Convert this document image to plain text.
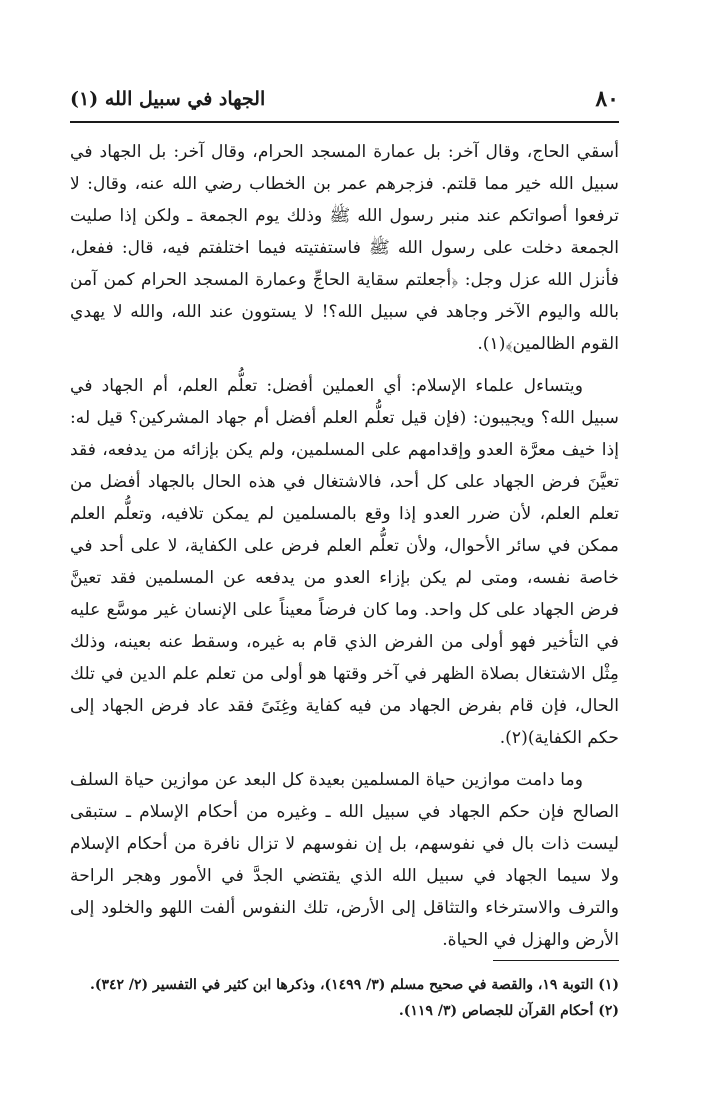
٨٠
الجهاد في سبيل الله (١)

أسقي الحاج، وقال آخر: بل عمارة المسجد الحرام، وقال آخر: بل الجهاد في سبيل الله خير مما قلتم. فزجرهم عمر بن الخطاب رضي الله عنه، وقال: لا ترفعوا أصواتكم عند منبر رسول الله ﷺ وذلك يوم الجمعة ـ ولكن إذا صليت الجمعة دخلت على رسول الله ﷺ فاستفتيته فيما اختلفتم فيه، قال: ففعل، فأنزل الله عزل وجل: ﴿أجعلتم سقاية الحاجِّ وعمارة المسجد الحرام كمن آمن بالله واليوم الآخر وجاهد في سبيل الله؟! لا يستوون عند الله، والله لا يهدي القوم الظالمين﴾(١).

ويتساءل علماء الإسلام: أي العملين أفضل: تعلُّم العلم، أم الجهاد في سبيل الله؟ ويجيبون: (فإن قيل تعلُّم العلم أفضل أم جهاد المشركين؟ قيل له: إذا خيف معرَّة العدو وإقدامهم على المسلمين، ولم يكن بإزائه من يدفعه، فقد تعيَّنَ فرض الجهاد على كل أحد، فالاشتغال في هذه الحال بالجهاد أفضل من تعلم العلم، لأن ضرر العدو إذا وقع بالمسلمين لم يمكن تلافيه، وتعلُّم العلم ممكن في سائر الأحوال، ولأن تعلُّم العلم فرض على الكفاية، لا على أحد في خاصة نفسه، ومتى لم يكن بإزاء العدو من يدفعه عن المسلمين فقد تعينَّ فرض الجهاد على كل واحد. وما كان فرضاً معيناً على الإنسان غير موسَّع عليه في التأخير فهو أولى من الفرض الذي قام به غيره، وسقط عنه بعينه، وذلك مِثْل الاشتغال بصلاة الظهر في آخر وقتها هو أولى من تعلم علم الدين في تلك الحال، فإن قام بفرض الجهاد من فيه كفاية وغِنَىً فقد عاد فرض الجهاد إلى حكم الكفاية)(٢).

وما دامت موازين حياة المسلمين بعيدة كل البعد عن موازين حياة السلف الصالح فإن حكم الجهاد في سبيل الله ـ وغيره من أحكام الإسلام ـ ستبقى ليست ذات بال في نفوسهم، بل إن نفوسهم لا تزال نافرة من أحكام الإسلام ولا سيما الجهاد في سبيل الله الذي يقتضي الجدَّ في الأمور وهجر الراحة والترف والاسترخاء والتثاقل إلى الأرض، تلك النفوس ألفت اللهو والخلود إلى الأرض والهزل في الحياة.

(١) التوبة ١٩، والقصة في صحيح مسلم (٣/ ١٤٩٩)، وذكرها ابن كثير في التفسير (٢/ ٣٤٢).
(٢) أحكام القرآن للجصاص (٣/ ١١٩).
